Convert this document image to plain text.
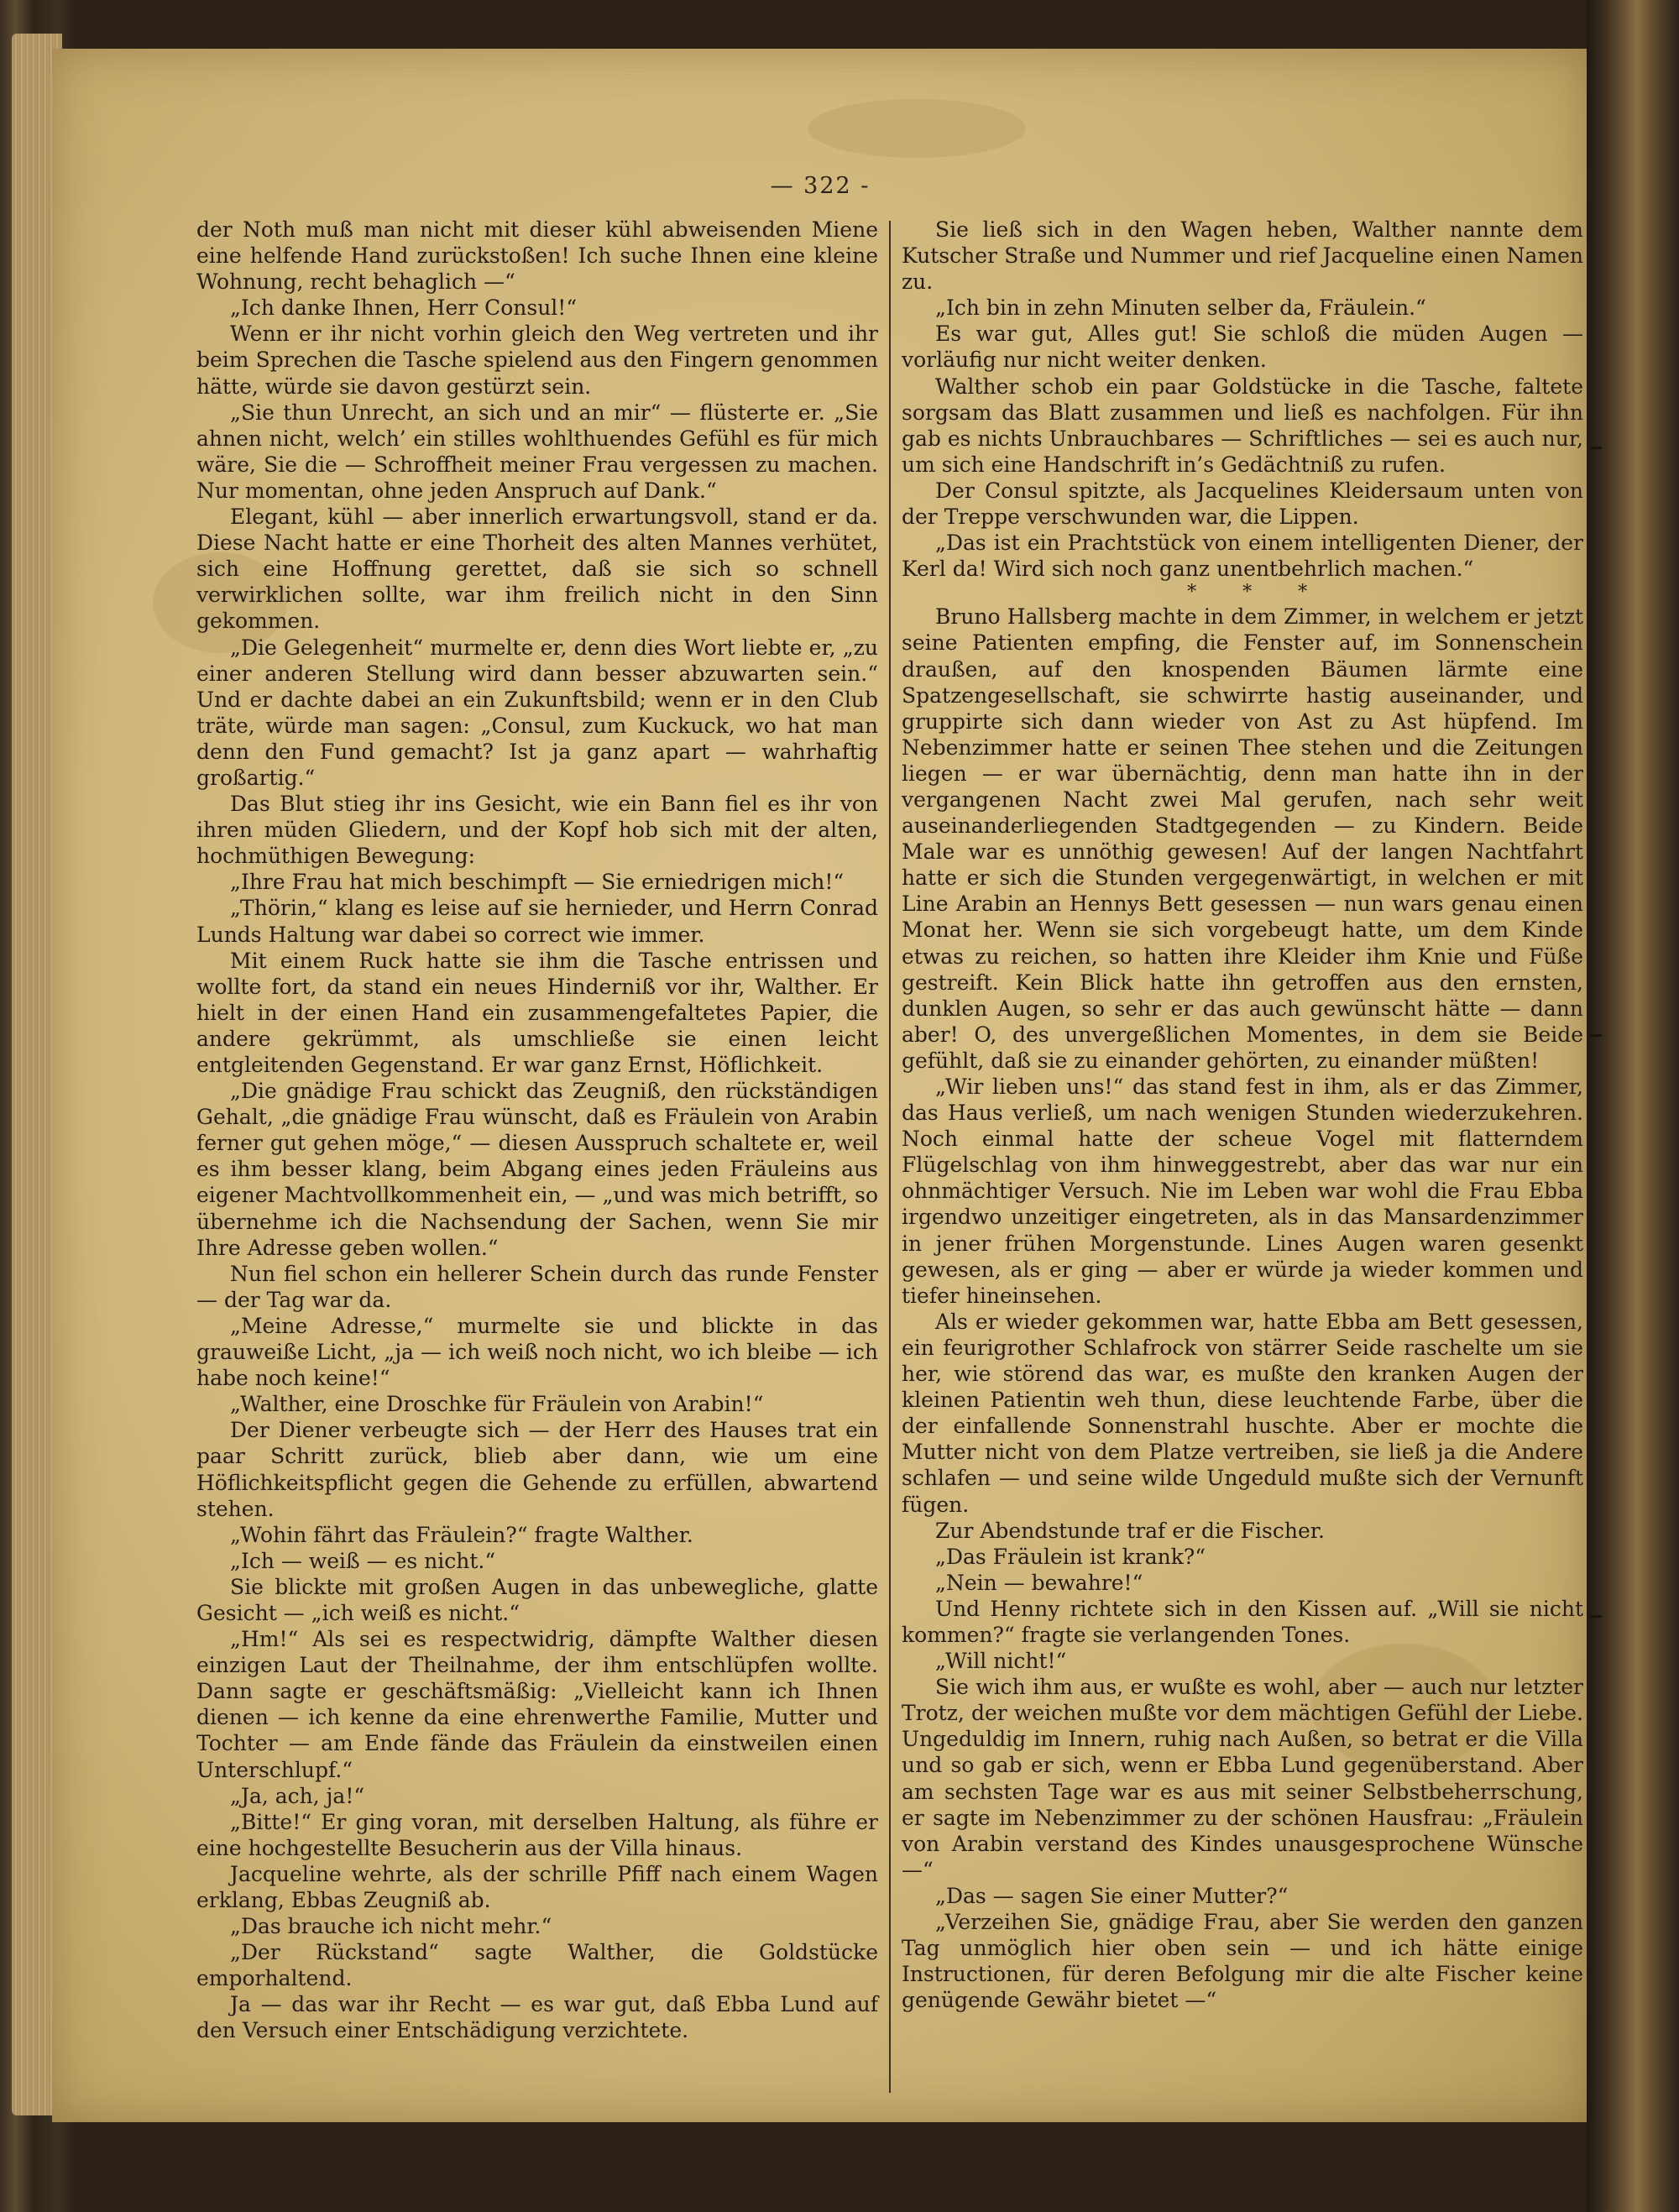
— 322 -

der Noth muß man nicht mit dieser kühl abweisenden Miene eine helfende Hand zurückstoßen! Ich suche Ihnen eine kleine Wohnung, recht behaglich —“

„Ich danke Ihnen, Herr Consul!“

Wenn er ihr nicht vorhin gleich den Weg vertreten und ihr beim Sprechen die Tasche spielend aus den Fingern genommen hätte, würde sie davon gestürzt sein.

„Sie thun Unrecht, an sich und an mir“ — flüsterte er. „Sie ahnen nicht, welch’ ein stilles wohlthuendes Gefühl es für mich wäre, Sie die — Schroffheit meiner Frau vergessen zu machen. Nur momentan, ohne jeden Anspruch auf Dank.“

Elegant, kühl — aber innerlich erwartungsvoll, stand er da. Diese Nacht hatte er eine Thorheit des alten Mannes verhütet, sich eine Hoffnung gerettet, daß sie sich so schnell verwirklichen sollte, war ihm freilich nicht in den Sinn gekommen.

„Die Gelegenheit“ murmelte er, denn dies Wort liebte er, „zu einer anderen Stellung wird dann besser abzuwarten sein.“ Und er dachte dabei an ein Zukunftsbild; wenn er in den Club träte, würde man sagen: „Consul, zum Kuckuck, wo hat man denn den Fund gemacht? Ist ja ganz apart — wahrhaftig großartig.“

Das Blut stieg ihr ins Gesicht, wie ein Bann fiel es ihr von ihren müden Gliedern, und der Kopf hob sich mit der alten, hochmüthigen Bewegung:

„Ihre Frau hat mich beschimpft — Sie erniedrigen mich!“

„Thörin,“ klang es leise auf sie hernieder, und Herrn Conrad Lunds Haltung war dabei so correct wie immer.

Mit einem Ruck hatte sie ihm die Tasche entrissen und wollte fort, da stand ein neues Hinderniß vor ihr, Walther. Er hielt in der einen Hand ein zusammengefaltetes Papier, die andere gekrümmt, als umschließe sie einen leicht entgleitenden Gegenstand. Er war ganz Ernst, Höflichkeit.

„Die gnädige Frau schickt das Zeugniß, den rückständigen Gehalt, „die gnädige Frau wünscht, daß es Fräulein von Arabin ferner gut gehen möge,“ — diesen Ausspruch schaltete er, weil es ihm besser klang, beim Abgang eines jeden Fräuleins aus eigener Machtvollkommenheit ein, — „und was mich betrifft, so übernehme ich die Nachsendung der Sachen, wenn Sie mir Ihre Adresse geben wollen.“

Nun fiel schon ein hellerer Schein durch das runde Fenster — der Tag war da.

„Meine Adresse,“ murmelte sie und blickte in das grauweiße Licht, „ja — ich weiß noch nicht, wo ich bleibe — ich habe noch keine!“

„Walther, eine Droschke für Fräulein von Arabin!“

Der Diener verbeugte sich — der Herr des Hauses trat ein paar Schritt zurück, blieb aber dann, wie um eine Höflichkeitspflicht gegen die Gehende zu erfüllen, abwartend stehen.

„Wohin fährt das Fräulein?“ fragte Walther.

„Ich — weiß — es nicht.“

Sie blickte mit großen Augen in das unbewegliche, glatte Gesicht — „ich weiß es nicht.“

„Hm!“ Als sei es respectwidrig, dämpfte Walther diesen einzigen Laut der Theilnahme, der ihm entschlüpfen wollte. Dann sagte er geschäftsmäßig: „Vielleicht kann ich Ihnen dienen — ich kenne da eine ehrenwerthe Familie, Mutter und Tochter — am Ende fände das Fräulein da einstweilen einen Unterschlupf.“

„Ja, ach, ja!“

„Bitte!“ Er ging voran, mit derselben Haltung, als führe er eine hochgestellte Besucherin aus der Villa hinaus.

Jacqueline wehrte, als der schrille Pfiff nach einem Wagen erklang, Ebbas Zeugniß ab.

„Das brauche ich nicht mehr.“

„Der Rückstand“ sagte Walther, die Goldstücke emporhaltend.

Ja — das war ihr Recht — es war gut, daß Ebba Lund auf den Versuch einer Entschädigung verzichtete.

Sie ließ sich in den Wagen heben, Walther nannte dem Kutscher Straße und Nummer und rief Jacqueline einen Namen zu.

„Ich bin in zehn Minuten selber da, Fräulein.“

Es war gut, Alles gut! Sie schloß die müden Augen — vorläufig nur nicht weiter denken.

Walther schob ein paar Goldstücke in die Tasche, faltete sorgsam das Blatt zusammen und ließ es nachfolgen. Für ihn gab es nichts Unbrauchbares — Schriftliches — sei es auch nur, um sich eine Handschrift in’s Gedächtniß zu rufen.

Der Consul spitzte, als Jacquelines Kleidersaum unten von der Treppe verschwunden war, die Lippen.

„Das ist ein Prachtstück von einem intelligenten Diener, der Kerl da! Wird sich noch ganz unentbehrlich machen.“

* * *

Bruno Hallsberg machte in dem Zimmer, in welchem er jetzt seine Patienten empfing, die Fenster auf, im Sonnenschein draußen, auf den knospenden Bäumen lärmte eine Spatzengesellschaft, sie schwirrte hastig auseinander, und gruppirte sich dann wieder von Ast zu Ast hüpfend. Im Nebenzimmer hatte er seinen Thee stehen und die Zeitungen liegen — er war übernächtig, denn man hatte ihn in der vergangenen Nacht zwei Mal gerufen, nach sehr weit auseinanderliegenden Stadtgegenden — zu Kindern. Beide Male war es unnöthig gewesen! Auf der langen Nachtfahrt hatte er sich die Stunden vergegenwärtigt, in welchen er mit Line Arabin an Hennys Bett gesessen — nun wars genau einen Monat her. Wenn sie sich vorgebeugt hatte, um dem Kinde etwas zu reichen, so hatten ihre Kleider ihm Knie und Füße gestreift. Kein Blick hatte ihn getroffen aus den ernsten, dunklen Augen, so sehr er das auch gewünscht hätte — dann aber! O, des unvergeßlichen Momentes, in dem sie Beide gefühlt, daß sie zu einander gehörten, zu einander müßten!

„Wir lieben uns!“ das stand fest in ihm, als er das Zimmer, das Haus verließ, um nach wenigen Stunden wiederzukehren. Noch einmal hatte der scheue Vogel mit flatterndem Flügelschlag von ihm hinweggestrebt, aber das war nur ein ohnmächtiger Versuch. Nie im Leben war wohl die Frau Ebba irgendwo unzeitiger eingetreten, als in das Mansardenzimmer in jener frühen Morgenstunde. Lines Augen waren gesenkt gewesen, als er ging — aber er würde ja wieder kommen und tiefer hineinsehen.

Als er wieder gekommen war, hatte Ebba am Bett gesessen, ein feurigrother Schlafrock von stärrer Seide raschelte um sie her, wie störend das war, es mußte den kranken Augen der kleinen Patientin weh thun, diese leuchtende Farbe, über die der einfallende Sonnenstrahl huschte. Aber er mochte die Mutter nicht von dem Platze vertreiben, sie ließ ja die Andere schlafen — und seine wilde Ungeduld mußte sich der Vernunft fügen.

Zur Abendstunde traf er die Fischer.

„Das Fräulein ist krank?“

„Nein — bewahre!“

Und Henny richtete sich in den Kissen auf. „Will sie nicht kommen?“ fragte sie verlangenden Tones.

„Will nicht!“

Sie wich ihm aus, er wußte es wohl, aber — auch nur letzter Trotz, der weichen mußte vor dem mächtigen Gefühl der Liebe. Ungeduldig im Innern, ruhig nach Außen, so betrat er die Villa und so gab er sich, wenn er Ebba Lund gegenüberstand. Aber am sechsten Tage war es aus mit seiner Selbstbeherrschung, er sagte im Nebenzimmer zu der schönen Hausfrau: „Fräulein von Arabin verstand des Kindes unausgesprochene Wünsche —“

„Das — sagen Sie einer Mutter?“

„Verzeihen Sie, gnädige Frau, aber Sie werden den ganzen Tag unmöglich hier oben sein — und ich hätte einige Instructionen, für deren Befolgung mir die alte Fischer keine genügende Gewähr bietet —“
